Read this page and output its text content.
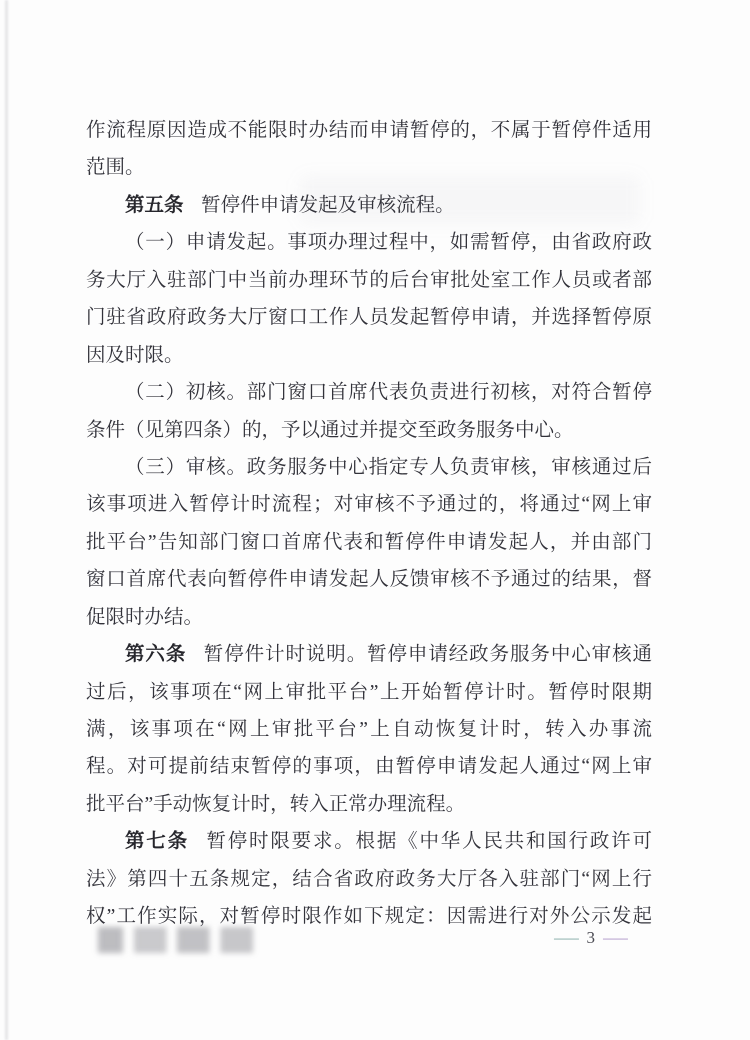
作流程原因造成不能限时办结而申请暂停的，不属于暂停件适用
范围。
第五条 暂停件申请发起及审核流程。
（一）申请发起。事项办理过程中，如需暂停，由省政府政
务大厅入驻部门中当前办理环节的后台审批处室工作人员或者部
门驻省政府政务大厅窗口工作人员发起暂停申请，并选择暂停原
因及时限。
（二）初核。部门窗口首席代表负责进行初核，对符合暂停
条件（见第四条）的，予以通过并提交至政务服务中心。
（三）审核。政务服务中心指定专人负责审核，审核通过后
该事项进入暂停计时流程；对审核不予通过的，将通过“网上审
批平台”告知部门窗口首席代表和暂停件申请发起人，并由部门
窗口首席代表向暂停件申请发起人反馈审核不予通过的结果，督
促限时办结。
第六条 暂停件计时说明。暂停申请经政务服务中心审核通
过后，该事项在“网上审批平台”上开始暂停计时。暂停时限期
满，该事项在“网上审批平台”上自动恢复计时，转入办事流
程。对可提前结束暂停的事项，由暂停申请发起人通过“网上审
批平台”手动恢复计时，转入正常办理流程。
第七条 暂停时限要求。根据《中华人民共和国行政许可
法》第四十五条规定，结合省政府政务大厅各入驻部门“网上行
权”工作实际，对暂停时限作如下规定：因需进行对外公示发起
— 3 —
